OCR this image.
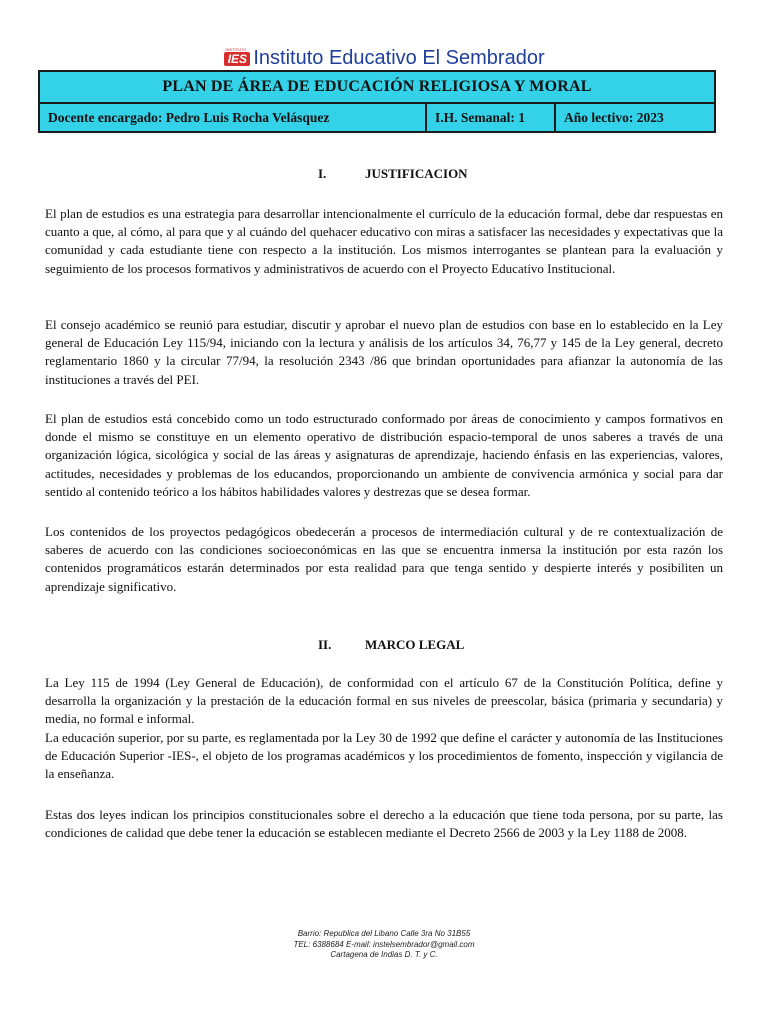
INSTITUTO
IES Instituto Educativo El Sembrador
PLAN DE ÁREA DE EDUCACIÓN RELIGIOSA Y MORAL
Docente encargado: Pedro Luis Rocha Velásquez	I.H. Semanal: 1	Año lectivo: 2023
I.	JUSTIFICACION

El plan de estudios es una estrategia para desarrollar intencionalmente el currículo de la educación formal, debe dar respuestas en cuanto a que, al cómo, al para que y al cuándo del quehacer educativo con miras a satisfacer las necesidades y expectativas que la comunidad y cada estudiante tiene con respecto a la institución. Los mismos interrogantes se plantean para la evaluación y seguimiento de los procesos formativos y administrativos de acuerdo con el Proyecto Educativo Institucional.

El consejo académico se reunió para estudiar, discutir y aprobar el nuevo plan de estudios con base en lo establecido en la Ley general de Educación Ley 115/94, iniciando con la lectura y análisis de los artículos 34, 76,77 y 145 de la Ley general, decreto reglamentario 1860 y la circular 77/94, la resolución 2343 /86 que brindan oportunidades para afianzar la autonomía de las instituciones a través del PEI.

El plan de estudios está concebido como un todo estructurado conformado por áreas de conocimiento y campos formativos en donde el mismo se constituye en un elemento operativo de distribución espacio-temporal de unos saberes a través de una organización lógica, sicológica y social de las áreas y asignaturas de aprendizaje, haciendo énfasis en las experiencias, valores, actitudes, necesidades y problemas de los educandos, proporcionando un ambiente de convivencia armónica y social para dar sentido al contenido teórico a los hábitos habilidades valores y destrezas que se desea formar.

Los contenidos de los proyectos pedagógicos obedecerán a procesos de intermediación cultural y de re contextualización de saberes de acuerdo con las condiciones socioeconómicas en las que se encuentra inmersa la institución por esta razón los contenidos programáticos estarán determinados por esta realidad para que tenga sentido y despierte interés y posibiliten un aprendizaje significativo.

II.	MARCO LEGAL

La Ley 115 de 1994 (Ley General de Educación), de conformidad con el artículo 67 de la Constitución Política, define y desarrolla la organización y la prestación de la educación formal en sus niveles de preescolar, básica (primaria y secundaria) y media, no formal e informal.

La educación superior, por su parte, es reglamentada por la Ley 30 de 1992 que define el carácter y autonomía de las Instituciones de Educación Superior -IES-, el objeto de los programas académicos y los procedimientos de fomento, inspección y vigilancia de la enseñanza.

Estas dos leyes indican los principios constitucionales sobre el derecho a la educación que tiene toda persona, por su parte, las condiciones de calidad que debe tener la educación se establecen mediante el Decreto 2566 de 2003 y la Ley 1188 de 2008.

Barrio: Republica del Libano Calle 3ra No 31B55
TEL: 6388684 E-mail: instelsembrador@gmail.com
Cartagena de Indias D. T. y C.
